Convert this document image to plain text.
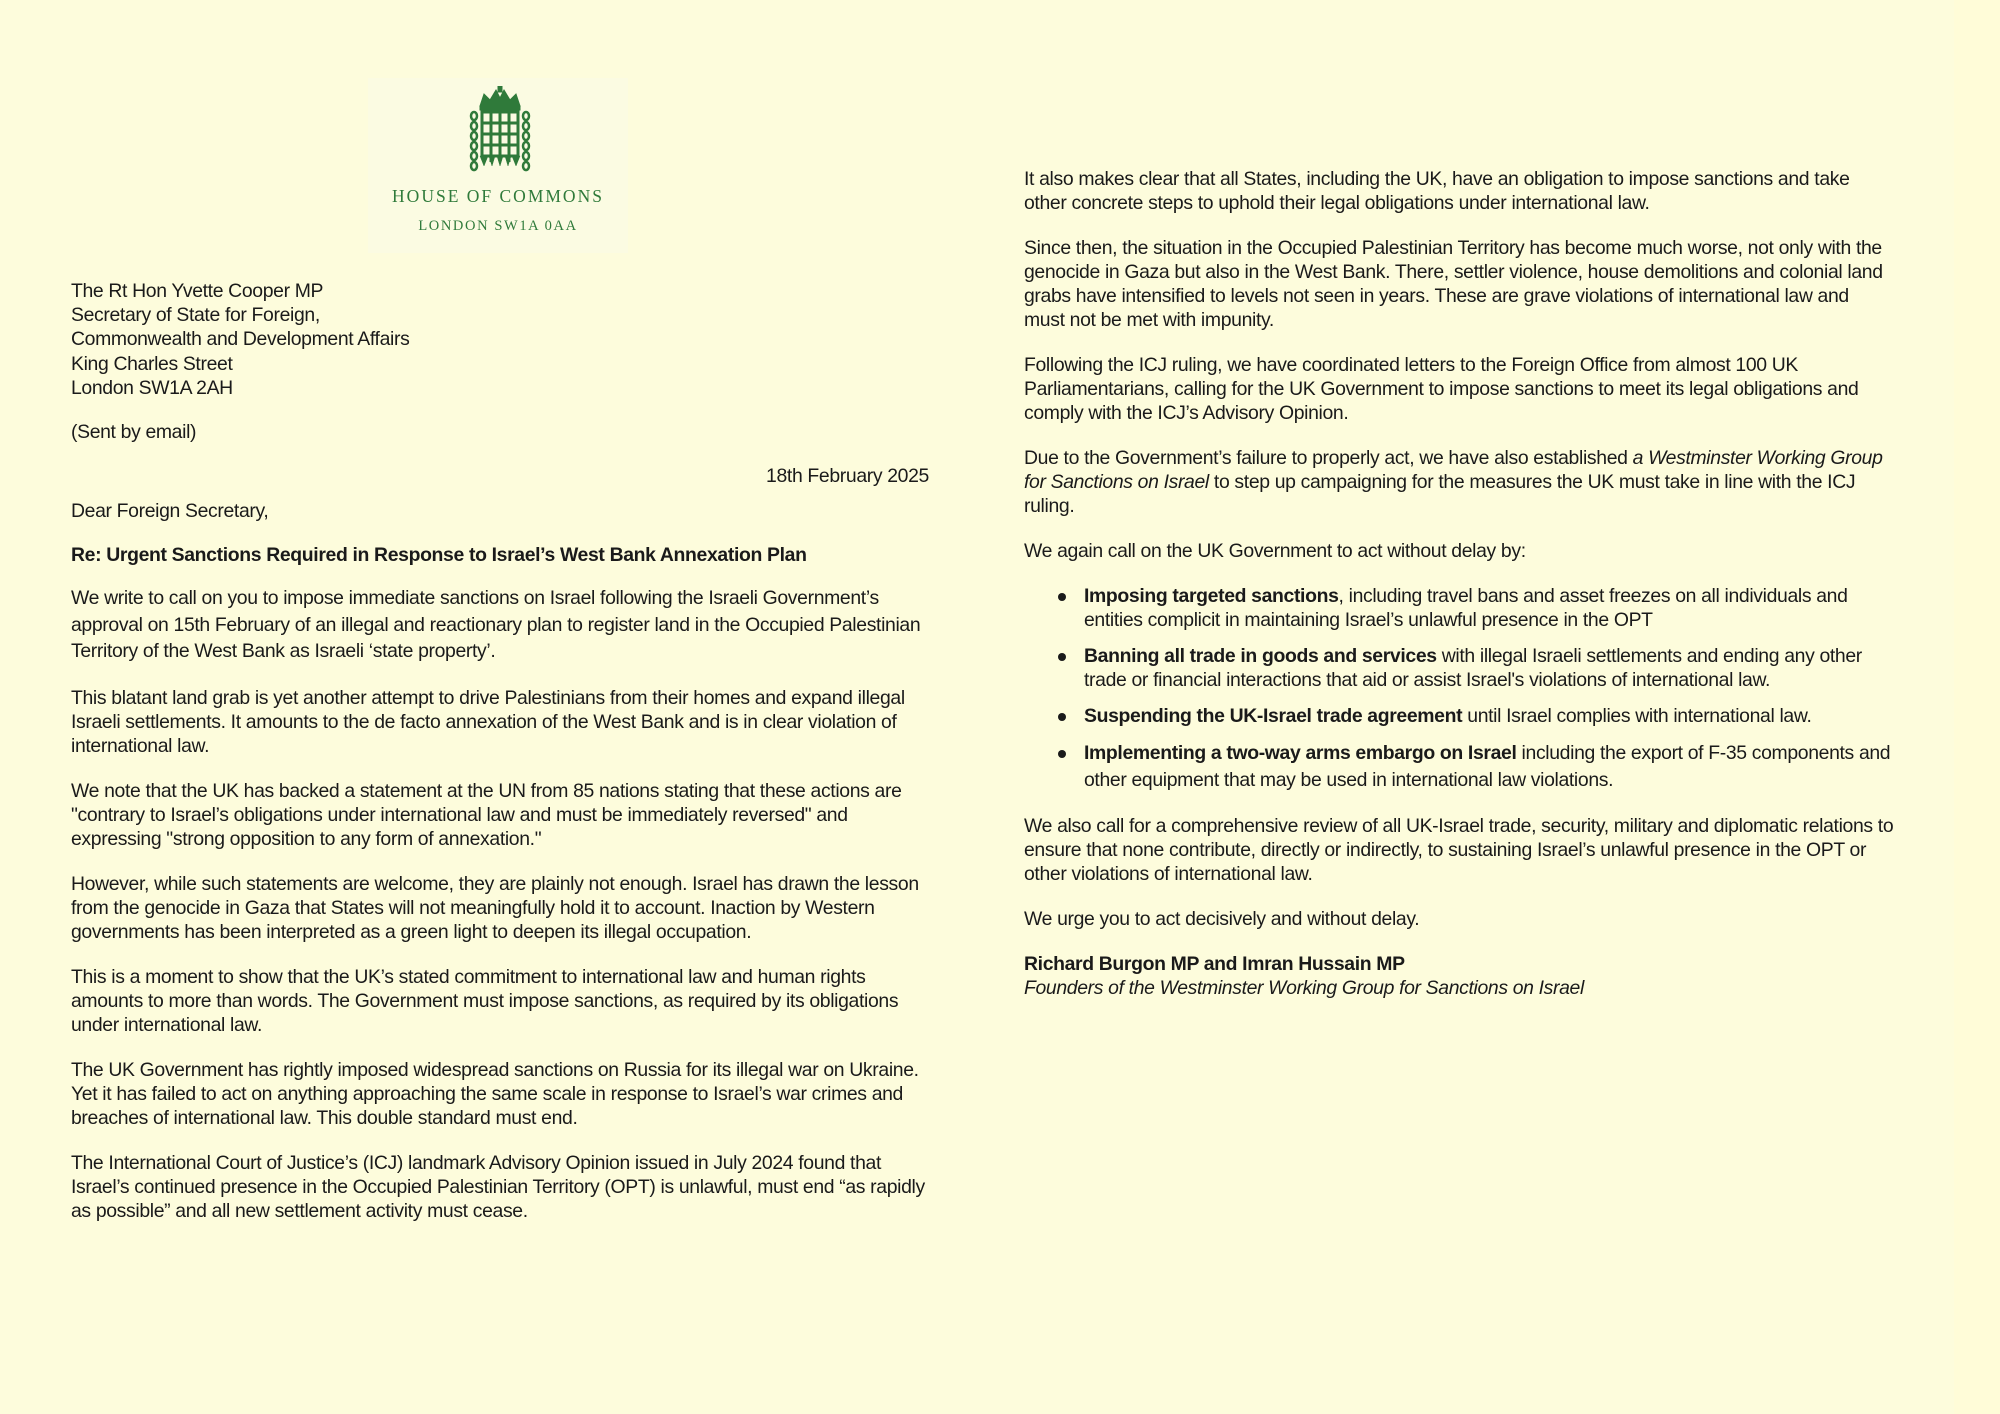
HOUSE OF COMMONS
LONDON SW1A 0AA
The Rt Hon Yvette Cooper MP
Secretary of State for Foreign,
Commonwealth and Development Affairs
King Charles Street
London SW1A 2AH
(Sent by email)
18th February 2025
Dear Foreign Secretary,
Re: Urgent Sanctions Required in Response to Israel’s West Bank Annexation Plan

We write to call on you to impose immediate sanctions on Israel following the Israeli Government’s approval on 15th February of an illegal and reactionary plan to register land in the Occupied Palestinian Territory of the West Bank as Israeli ‘state property’.

This blatant land grab is yet another attempt to drive Palestinians from their homes and expand illegal Israeli settlements. It amounts to the de facto annexation of the West Bank and is in clear violation of international law.

We note that the UK has backed a statement at the UN from 85 nations stating that these actions are "contrary to Israel’s obligations under international law and must be immediately reversed" and expressing "strong opposition to any form of annexation."

However, while such statements are welcome, they are plainly not enough. Israel has drawn the lesson from the genocide in Gaza that States will not meaningfully hold it to account. Inaction by Western governments has been interpreted as a green light to deepen its illegal occupation.

This is a moment to show that the UK’s stated commitment to international law and human rights amounts to more than words. The Government must impose sanctions, as required by its obligations under international law.

The UK Government has rightly imposed widespread sanctions on Russia for its illegal war on Ukraine. Yet it has failed to act on anything approaching the same scale in response to Israel’s war crimes and breaches of international law. This double standard must end.

The International Court of Justice’s (ICJ) landmark Advisory Opinion issued in July 2024 found that Israel’s continued presence in the Occupied Palestinian Territory (OPT) is unlawful, must end “as rapidly as possible” and all new settlement activity must cease.

It also makes clear that all States, including the UK, have an obligation to impose sanctions and take other concrete steps to uphold their legal obligations under international law.

Since then, the situation in the Occupied Palestinian Territory has become much worse, not only with the genocide in Gaza but also in the West Bank. There, settler violence, house demolitions and colonial land grabs have intensified to levels not seen in years. These are grave violations of international law and must not be met with impunity.

Following the ICJ ruling, we have coordinated letters to the Foreign Office from almost 100 UK Parliamentarians, calling for the UK Government to impose sanctions to meet its legal obligations and comply with the ICJ’s Advisory Opinion.

Due to the Government’s failure to properly act, we have also established a Westminster Working Group for Sanctions on Israel to step up campaigning for the measures the UK must take in line with the ICJ ruling.

We again call on the UK Government to act without delay by:

Imposing targeted sanctions, including travel bans and asset freezes on all individuals and entities complicit in maintaining Israel’s unlawful presence in the OPT
Banning all trade in goods and services with illegal Israeli settlements and ending any other trade or financial interactions that aid or assist Israel's violations of international law.
Suspending the UK-Israel trade agreement until Israel complies with international law.
Implementing a two-way arms embargo on Israel including the export of F-35 components and other equipment that may be used in international law violations.

We also call for a comprehensive review of all UK-Israel trade, security, military and diplomatic relations to ensure that none contribute, directly or indirectly, to sustaining Israel’s unlawful presence in the OPT or other violations of international law.

We urge you to act decisively and without delay.

Richard Burgon MP and Imran Hussain MP

Founders of the Westminster Working Group for Sanctions on Israel
